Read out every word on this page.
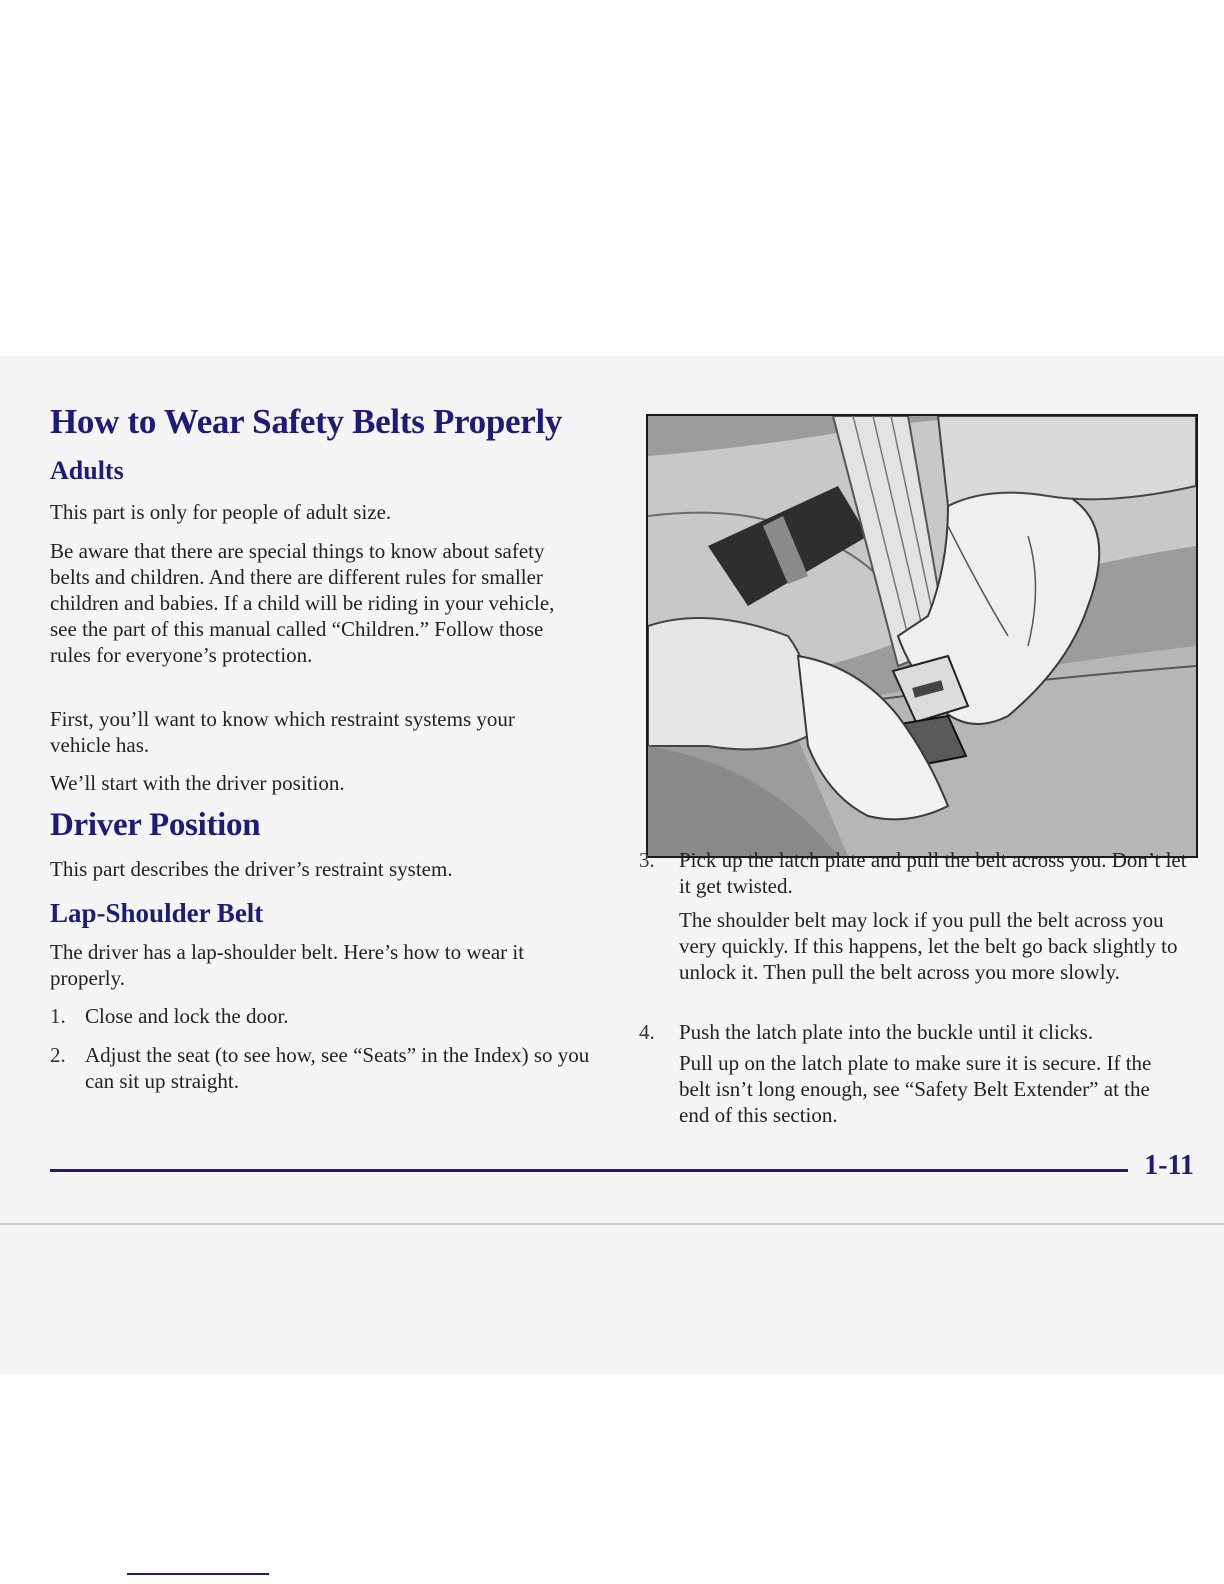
How to Wear Safety Belts Properly
Adults

This part is only for people of adult size.

Be aware that there are special things to know about safety belts and children. And there are different rules for smaller children and babies. If a child will be riding in your vehicle, see the part of this manual called “Children.” Follow those rules for everyone’s protection.

First, you’ll want to know which restraint systems your vehicle has.

We’ll start with the driver position.

Driver Position

This part describes the driver’s restraint system.

Lap-Shoulder Belt

The driver has a lap-shoulder belt. Here’s how to wear it properly.

1. Close and lock the door.

2. Adjust the seat (to see how, see “Seats” in the Index) so you can sit up straight.

3. Pick up the latch plate and pull the belt across you. Don’t let it get twisted.

The shoulder belt may lock if you pull the belt across you very quickly. If this happens, let the belt go back slightly to unlock it. Then pull the belt across you more slowly.

4. Push the latch plate into the buckle until it clicks.

Pull up on the latch plate to make sure it is secure. If the belt isn’t long enough, see “Safety Belt Extender” at the end of this section.

1-11
